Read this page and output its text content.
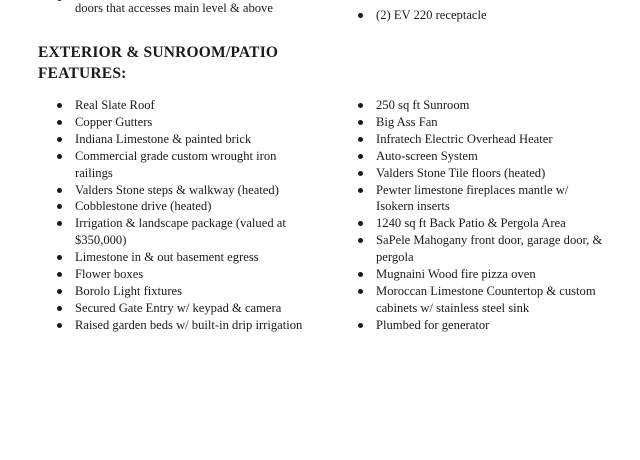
doors that accesses main level & above
(2) EV 220 receptacle
EXTERIOR & SUNROOM/PATIO
FEATURES:
Real Slate Roof
Copper Gutters
Indiana Limestone & painted brick
Commercial grade custom wrought iron railings
Valders Stone steps & walkway (heated)
Cobblestone drive (heated)
Irrigation & landscape package (valued at $350,000)
Limestone in & out basement egress
Flower boxes
Borolo Light fixtures
Secured Gate Entry w/ keypad & camera
Raised garden beds w/ built-in drip irrigation
250 sq ft Sunroom
Big Ass Fan
Infratech Electric Overhead Heater
Auto-screen System
Valders Stone Tile floors (heated)
Pewter limestone fireplaces mantle w/ Isokern inserts
1240 sq ft Back Patio & Pergola Area
SaPele Mahogany front door, garage door, & pergola
Mugnaini Wood fire pizza oven
Moroccan Limestone Countertop & custom cabinets w/ stainless steel sink
Plumbed for generator
